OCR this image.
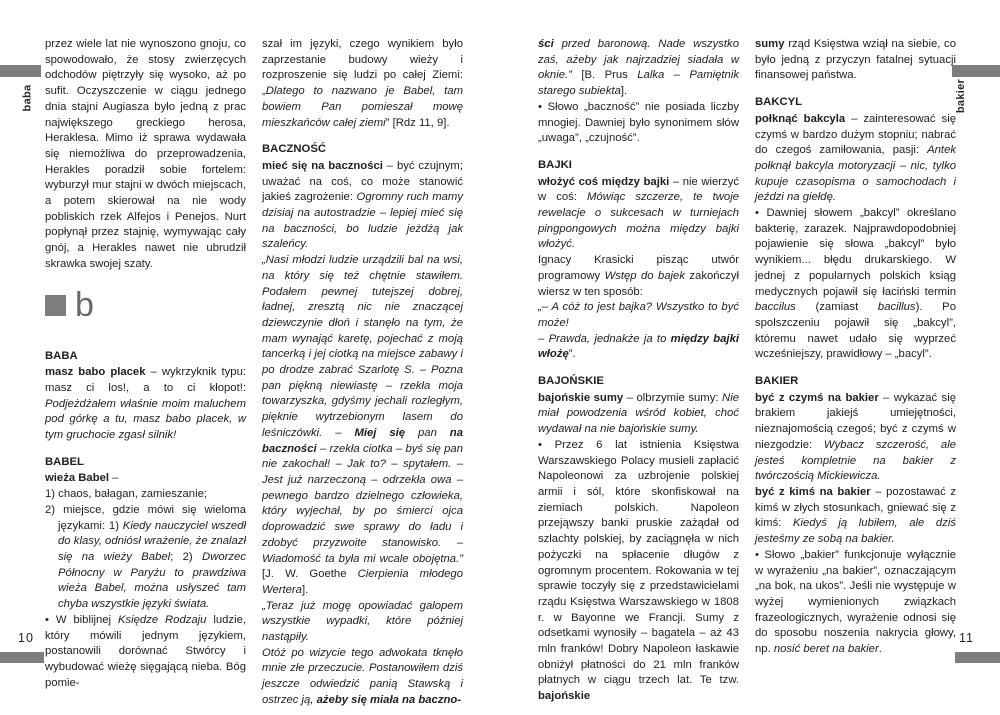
baba
10
bakier
11

przez wiele lat nie wynoszono gnoju, co spowodowało, że stosy zwierzęcych odchodów piętrzyły się wysoko, aż po sufit. Oczyszczenie w ciągu jednego dnia stajni Augiasza było jedną z prac największego greckiego herosa, Heraklesa. Mimo iż sprawa wydawała się niemożliwa do przeprowadzenia, Herakles poradził sobie fortelem: wyburzył mur stajni w dwóch miejscach, a potem skierował na nie wody pobliskich rzek Alfejos i Penejos. Nurt popłynął przez stajnię, wymywając cały gnój, a Herakles nawet nie ubrudził skrawka swojej szaty.

b

BABA

masz babo placek – wykrzyknik typu: masz ci los!, a to ci kłopot!: Podjeżdżałem właśnie moim maluchem pod górkę a tu, masz babo placek, w tym gruchocie zgasł silnik!

BABEL

wieża Babel –

1) chaos, bałagan, zamieszanie;

2) miejsce, gdzie mówi się wieloma językami: 1) Kiedy nauczyciel wszedł do klasy, odniósł wrażenie, że znalazł się na wieży Babel; 2) Dworzec Północny w Paryżu to prawdziwa wieża Babel, można usłyszeć tam chyba wszystkie języki świata.

• W biblijnej Księdze Rodzaju ludzie, który mówili jednym językiem, postanowili dorównać Stwórcy i wybudować wieżę sięgającą nieba. Bóg pomie-

szał im języki, czego wynikiem było zaprzestanie budowy wieży i rozproszenie się ludzi po całej Ziemi: „Dlatego to nazwano je Babel, tam bowiem Pan pomieszał mowę mieszkańców całej ziemi” [Rdz 11, 9].

BACZNOŚĆ

mieć się na baczności – być czujnym; uważać na coś, co może stanowić jakieś zagrożenie: Ogromny ruch mamy dzisiaj na autostradzie – lepiej mieć się na baczności, bo ludzie jeżdżą jak szaleńcy.

„Nasi młodzi ludzie urządzili bal na wsi, na który się też chętnie stawiłem. Podałem pewnej tutejszej dobrej, ładnej, zresztą nic nie znaczącej dziewczynie dłoń i stanęło na tym, że mam wynająć karetę, pojechać z moją tancerką i jej ciotką na miejsce zabawy i po drodze zabrać Szarlotę S. – Pozna pan piękną niewiastę – rzekła moja towarzyszka, gdyśmy jechali rozległym, pięknie wytrzebionym lasem do leśniczówki. – Miej się pan na baczności – rzekła ciotka – byś się pan nie zakochał! – Jak to? – spytałem. – Jest już narzeczoną – odrzekła owa – pewnego bardzo dzielnego człowieka, który wyjechał, by po śmierci ojca doprowadzić swe sprawy do ładu i zdobyć przyzwoite stanowisko. – Wiadomość ta była mi wcale obojętna.” [J. W. Goethe Cierpienia młodego Wertera].

„Teraz już mogę opowiadać galopem wszystkie wypadki, które później nastąpiły.

Otóż po wizycie tego adwokata tknęło mnie złe przeczucie. Postanowiłem dziś jeszcze odwiedzić panią Stawską i ostrzec ją, ażeby się miała na baczno-

ści przed baronową. Nade wszystko zaś, ażeby jak najrzadziej siadała w oknie.” [B. Prus Lalka – Pamiętnik starego subiekta].

• Słowo „baczność” nie posiada liczby mnogiej. Dawniej było synonimem słów „uwaga”, „czujność”.

BAJKI

włożyć coś między bajki – nie wierzyć w coś: Mówiąc szczerze, te twoje rewelacje o sukcesach w turniejach pingpongowych można między bajki włożyć.

Ignacy Krasicki pisząc utwór programowy Wstęp do bajek zakończył wiersz w ten sposób:

„– A cóż to jest bajka? Wszystko to być może!

– Prawda, jednakże ja to między bajki włożę”.

BAJOŃSKIE

bajońskie sumy – olbrzymie sumy: Nie miał powodzenia wśród kobiet, choć wydawał na nie bajońskie sumy.

• Przez 6 lat istnienia Księstwa Warszawskiego Polacy musieli zapłacić Napoleonowi za uzbrojenie polskiej armii i sól, które skonfiskował na ziemiach polskich. Napoleon przejąwszy banki pruskie zażądał od szlachty polskiej, by zaciągnęła w nich pożyczki na spłacenie długów z ogromnym procentem. Rokowania w tej sprawie toczyły się z przedstawicielami rządu Księstwa Warszawskiego w 1808 r. w Bayonne we Francji. Sumy z odsetkami wynosiły – bagatela – aż 43 mln franków! Dobry Napoleon łaskawie obniżył płatności do 21 mln franków płatnych w ciągu trzech lat. Te tzw. bajońskie

sumy rząd Księstwa wziął na siebie, co było jedną z przyczyn fatalnej sytuacji finansowej państwa.

BAKCYL

połknąć bakcyla – zainteresować się czymś w bardzo dużym stopniu; nabrać do czegoś zamiłowania, pasji: Antek połknął bakcyla motoryzacji – nic, tylko kupuje czasopisma o samochodach i jeździ na giełdę.

• Dawniej słowem „bakcyl” określano bakterię, zarazek. Najprawdopodobniej pojawienie się słowa „bakcyl” było wynikiem... błędu drukarskiego. W jednej z popularnych polskich ksiąg medycznych pojawił się łaciński termin baccilus (zamiast bacillus). Po spolszczeniu pojawił się „bakcyl”, któremu nawet udało się wyprzeć wcześniejszy, prawidłowy – „bacyl”.

BAKIER

być z czymś na bakier – wykazać się brakiem jakiejś umiejętności, nieznajomością czegoś; być z czymś w niezgodzie: Wybacz szczerość, ale jesteś kompletnie na bakier z twórczością Mickiewicza.

być z kimś na bakier – pozostawać z kimś w złych stosunkach, gniewać się z kimś: Kiedyś ją lubiłem, ale dziś jesteśmy ze sobą na bakier.

• Słowo „bakier” funkcjonuje wyłącznie w wyrażeniu „na bakier”, oznaczającym „na bok, na ukos”. Jeśli nie występuje w wyżej wymienionych związkach frazeologicznych, wyrażenie odnosi się do sposobu noszenia nakrycia głowy, np. nosić beret na bakier.
